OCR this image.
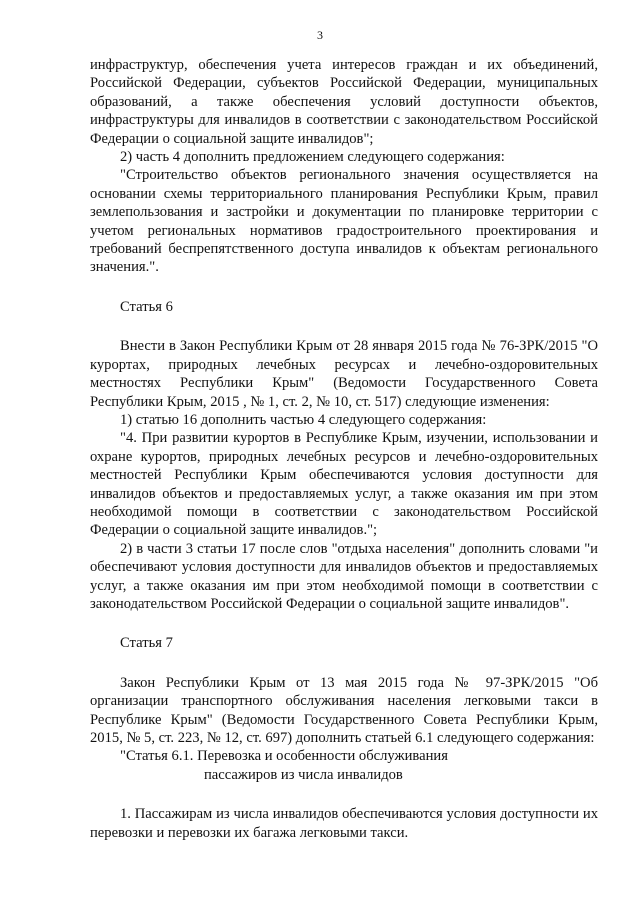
3

инфраструктур, обеспечения учета интересов граждан и их объединений, Российской Федерации, субъектов Российской Федерации, муниципальных образований, а также обеспечения условий доступности объектов, инфраструктуры для инвалидов в соответствии с законодательством Российской Федерации о социальной защите инвалидов";

2) часть 4 дополнить предложением следующего содержания:

"Строительство объектов регионального значения осуществляется на основании схемы территориального планирования Республики Крым, правил землепользования и застройки и документации по планировке территории с учетом региональных нормативов градостроительного проектирования и требований беспрепятственного доступа инвалидов к объектам регионального значения.".

Статья 6

Внести в Закон Республики Крым от 28 января 2015 года № 76-ЗРК/2015 "О курортах, природных лечебных ресурсах и лечебно-оздоровительных местностях Республики Крым" (Ведомости Государственного Совета Республики Крым, 2015 , № 1, ст. 2, № 10, ст. 517) следующие изменения:

1) статью 16 дополнить частью 4 следующего содержания:

"4. При развитии курортов в Республике Крым, изучении, использовании и охране курортов, природных лечебных ресурсов и лечебно-оздоровительных местностей Республики Крым обеспечиваются условия доступности для инвалидов объектов и предоставляемых услуг, а также оказания им при этом необходимой помощи в соответствии с законодательством Российской Федерации о социальной защите инвалидов.";

2) в части 3 статьи 17 после слов "отдыха населения" дополнить словами "и обеспечивают условия доступности для инвалидов объектов и предоставляемых услуг, а также оказания им при этом необходимой помощи в соответствии с законодательством Российской Федерации о социальной защите инвалидов".

Статья 7

Закон Республики Крым от 13 мая 2015 года № 97-ЗРК/2015 "Об организации транспортного обслуживания населения легковыми такси в Республике Крым" (Ведомости Государственного Совета Республики Крым, 2015, № 5, ст. 223, № 12, ст. 697) дополнить статьей 6.1 следующего содержания:

"Статья 6.1. Перевозка и особенности обслуживания
пассажиров из числа инвалидов

1. Пассажирам из числа инвалидов обеспечиваются условия доступности их перевозки и перевозки их багажа легковыми такси.
